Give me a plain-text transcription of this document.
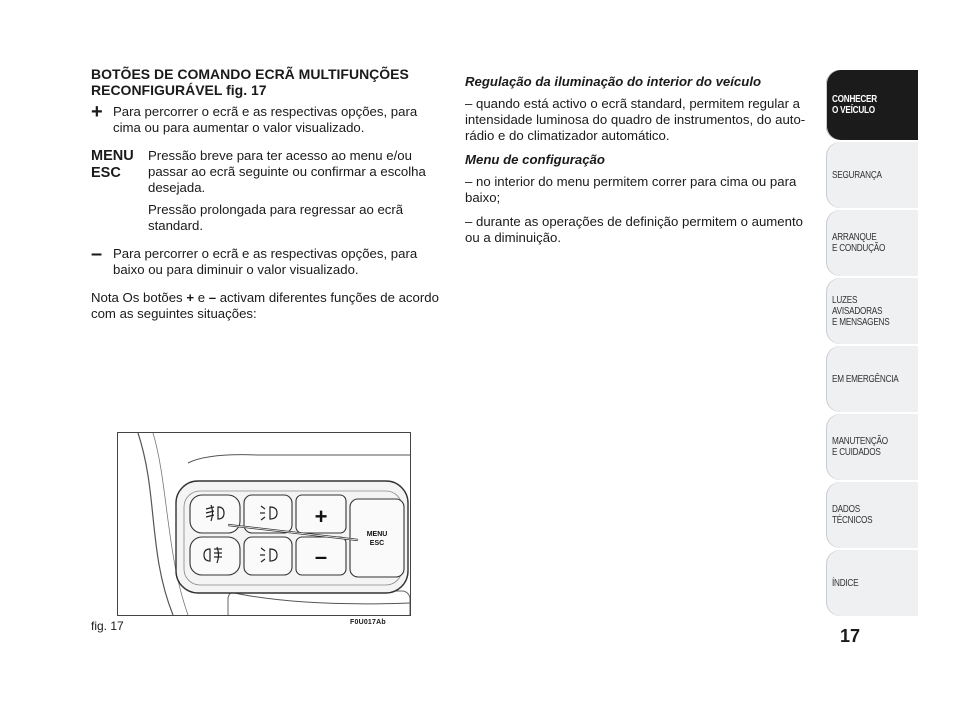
BOTÕES DE COMANDO ECRÃ MULTIFUNÇÕES RECONFIGURÁVEL fig. 17
+ Para percorrer o ecrã e as respectivas opções, para cima ou para aumentar o valor visualizado.

MENU ESC

Pressão breve para ter acesso ao menu e/ou passar ao ecrã seguinte ou confirmar a escolha desejada.

Pressão prolongada para regressar ao ecrã standard.

– Para percorrer o ecrã e as respectivas opções, para baixo ou para diminuir o valor visualizado.

Nota Os botões + e – activam diferentes funções de acordo com as seguintes situações:

Regulação da iluminação do interior do veículo

– quando está activo o ecrã standard, permitem regular a intensidade luminosa do quadro de instrumentos, do auto-rádio e do climatizador automático.

Menu de configuração

– no interior do menu permitem correr para cima ou para baixo;

– durante as operações de definição permitem o aumento ou a diminuição.

+
–
MENU
ESC
fig. 17	F0U017Ab
CONHECER
O VEÍCULO
SEGURANÇA
ARRANQUE
E CONDUÇÃO
LUZES
AVISADORAS
E MENSAGENS
EM EMERGÊNCIA
MANUTENÇÃO
E CUIDADOS
DADOS
TÉCNICOS
ÍNDICE
17
